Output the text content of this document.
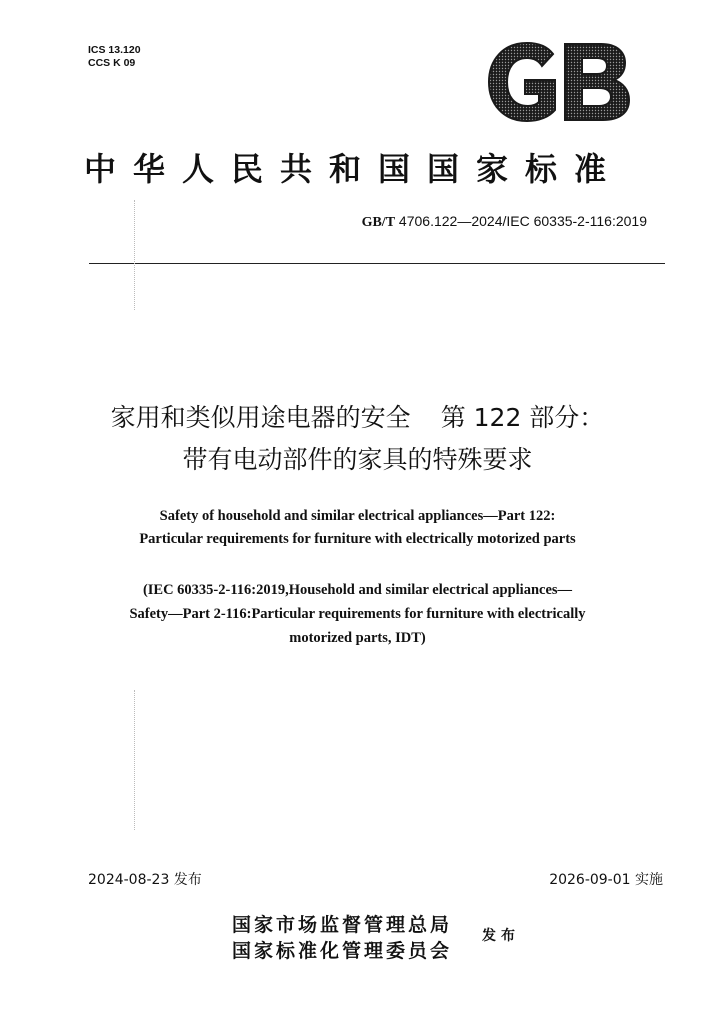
ICS 13.120
CCS K 09
GB
中华人民共和国国家标准
GB/T 4706.122—2024/IEC 60335-2-116:2019
家用和类似用途电器的安全 第 122 部分：
带有电动部件的家具的特殊要求
Safety of household and similar electrical appliances—Part 122:
Particular requirements for furniture with electrically motorized parts
(IEC 60335-2-116:2019,Household and similar electrical appliances—
Safety—Part 2-116:Particular requirements for furniture with electrically
motorized parts, IDT)
2024-08-23 发布	2026-09-01 实施
国家市场监督管理总局
国家标准化管理委员会
发布
